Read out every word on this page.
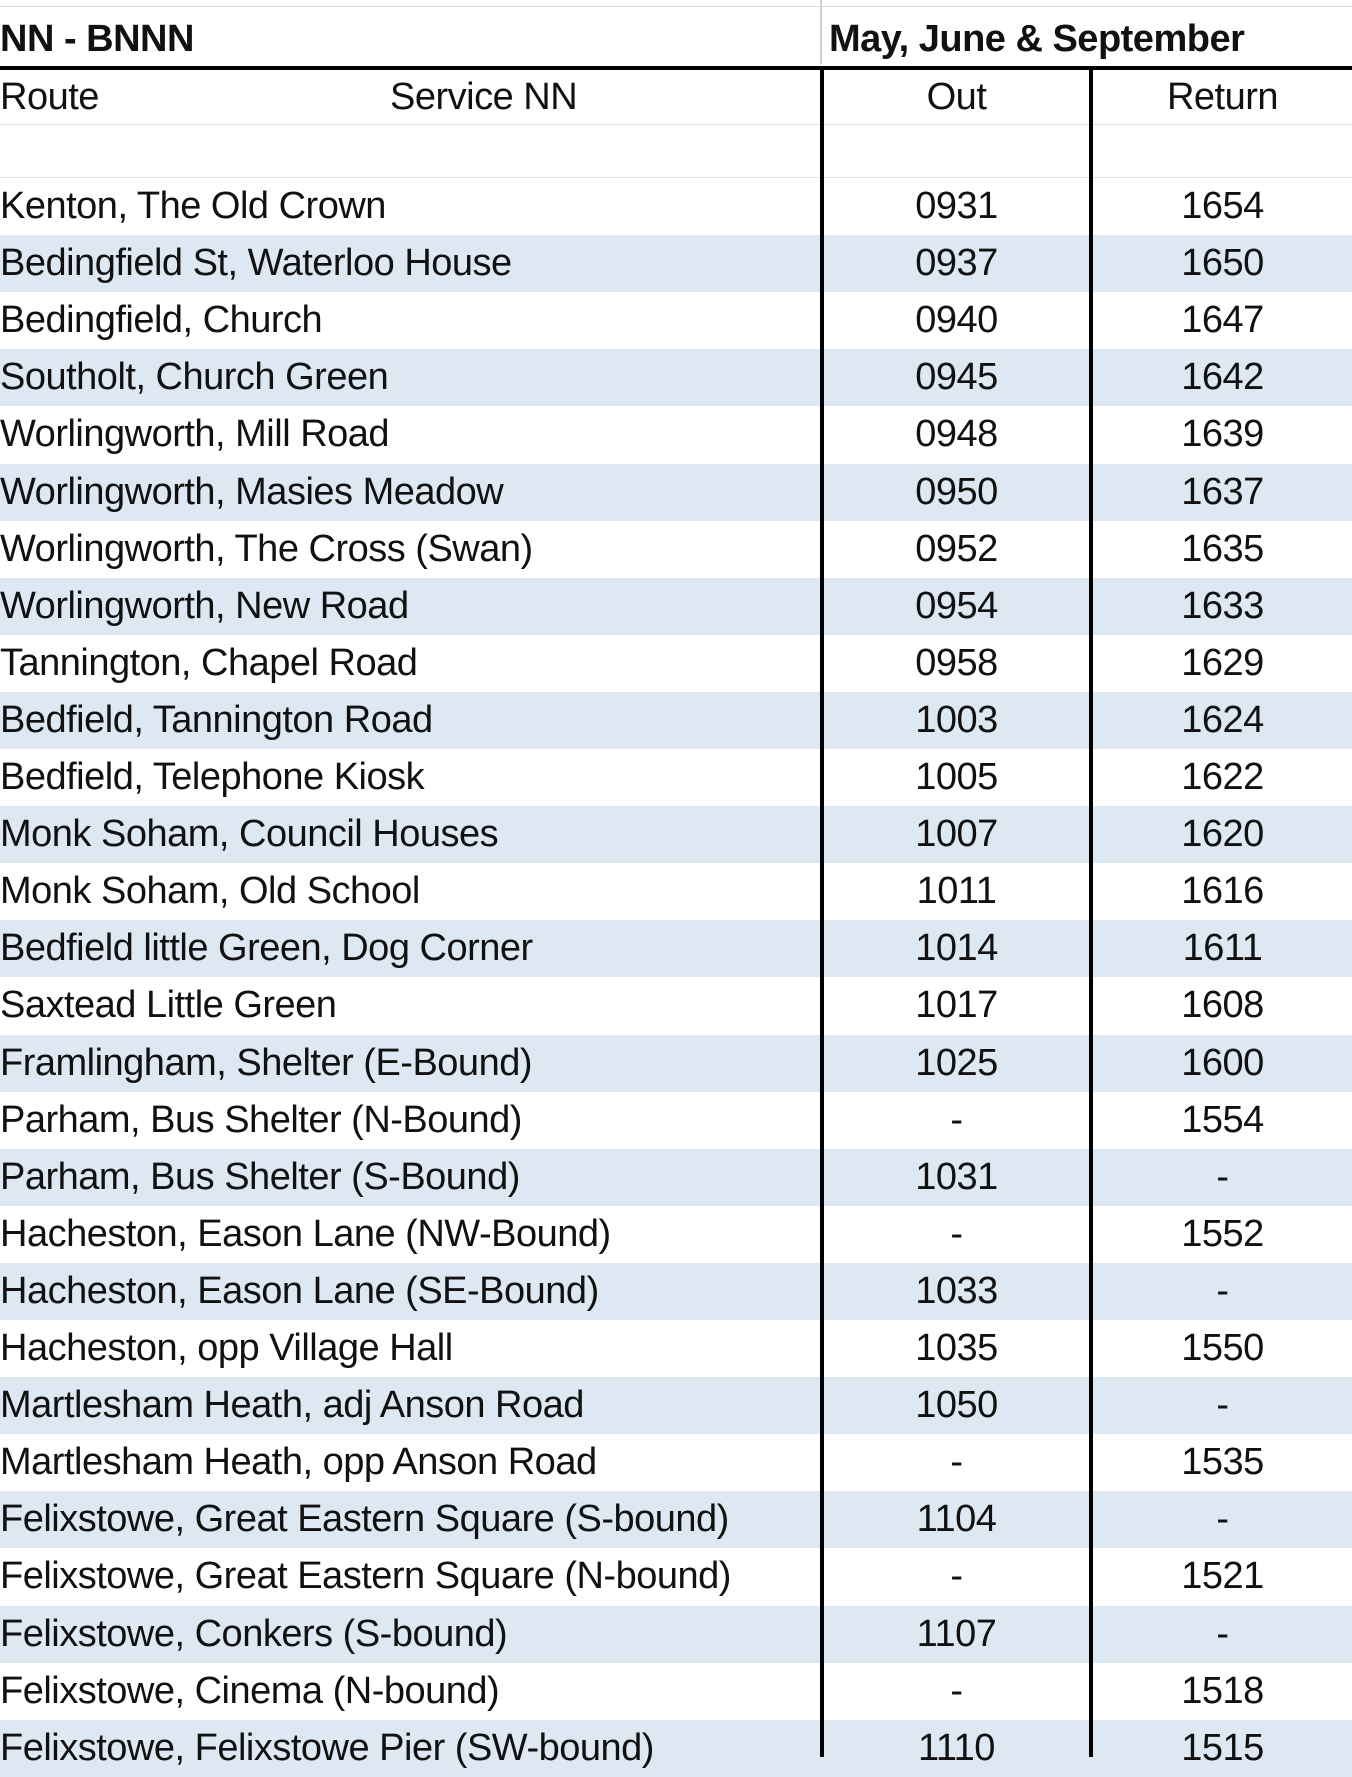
NN - BNNN	May, June & September
Route	Service NN	Out	Return
Kenton, The Old Crown	0931	1654
Bedingfield St, Waterloo House	0937	1650
Bedingfield, Church	0940	1647
Southolt, Church Green	0945	1642
Worlingworth, Mill Road	0948	1639
Worlingworth, Masies Meadow	0950	1637
Worlingworth, The Cross (Swan)	0952	1635
Worlingworth, New Road	0954	1633
Tannington, Chapel Road	0958	1629
Bedfield, Tannington Road	1003	1624
Bedfield, Telephone Kiosk	1005	1622
Monk Soham, Council Houses	1007	1620
Monk Soham, Old School	1011	1616
Bedfield little Green, Dog Corner	1014	1611
Saxtead Little Green	1017	1608
Framlingham, Shelter (E-Bound)	1025	1600
Parham, Bus Shelter (N-Bound)	-	1554
Parham, Bus Shelter (S-Bound)	1031	-
Hacheston, Eason Lane (NW-Bound)	-	1552
Hacheston, Eason Lane (SE-Bound)	1033	-
Hacheston, opp Village Hall	1035	1550
Martlesham Heath, adj Anson Road	1050	-
Martlesham Heath, opp Anson Road	-	1535
Felixstowe, Great Eastern Square (S-bound)	1104	-
Felixstowe, Great Eastern Square (N-bound)	-	1521
Felixstowe, Conkers (S-bound)	1107	-
Felixstowe, Cinema (N-bound)	-	1518
Felixstowe, Felixstowe Pier (SW-bound)	1110	1515
